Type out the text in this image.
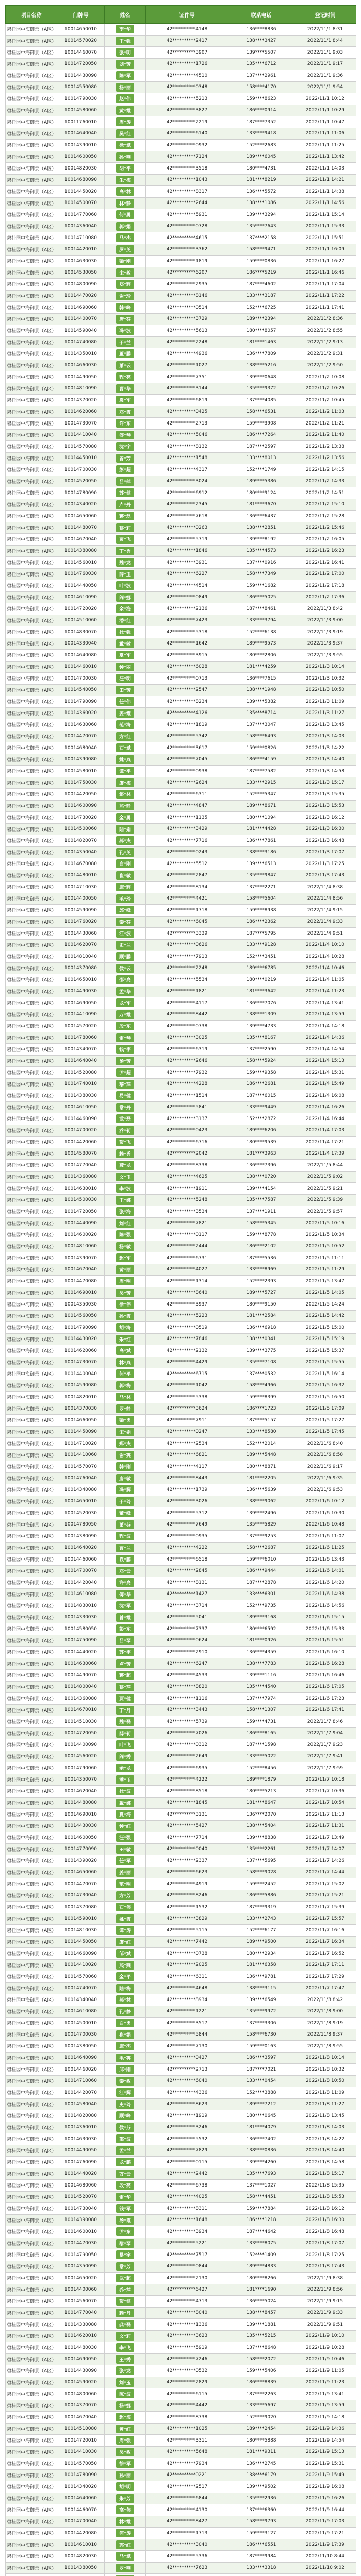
项目名称	门牌号	姓名	证件号	联系电话	登记时间
碧桂园中海御景（A区）	10014650010	李*华	42**********4148	136****8836	2022/11/1 8:31
碧桂园中海御景（A区）	10014570020	王*强	42**********2417	138****3427	2022/11/1 8:44
碧桂园中海御景（A区）	10014460070	张*明	42**********3907	139****5507	2022/11/1 9:03
碧桂园中海御景（A区）	10014720050	刘*芳	42**********1726	135****6712	2022/11/1 9:17
碧桂园中海御景（A区）	10014430090	陈*军	42**********4510	137****2961	2022/11/1 9:36
碧桂园中海御景（A区）	10014550080	杨*丽	42**********0348	158****4170	2022/11/1 9:54
碧桂园中海御景（A区）	10014790030	赵*伟	42**********5213	159****8623	2022/11/1 10:12
碧桂园中海御景（A区）	10014580060	黄*霞	42**********3827	186****0914	2022/11/1 10:29
碧桂园中海御景（A区）	10011760010	周*涛	42**********2219	187****7352	2022/11/1 10:47
碧桂园中海御景（A区）	10014640040	吴*红	42**********6140	133****9418	2022/11/1 11:06
碧桂园中海御景（A区）	10014390010	徐*斌	42**********0932	152****2683	2022/11/1 11:25
碧桂园中海御景（A区）	10014600050	孙*燕	42**********7124	189****6045	2022/11/1 13:42
碧桂园中海御景（A区）	10014820030	胡*平	42**********3518	180****4731	2022/11/1 14:03
碧桂园中海御景（A区）	10014680090	朱*梅	42**********1043	181****8219	2022/11/1 14:21
碧桂园中海御景（A区）	10014450020	高*林	42**********8317	136****5572	2022/11/1 14:38
碧桂园中海御景（A区）	10014500070	林*静	42**********2644	138****1086	2022/11/1 14:56
碧桂园中海御景（A区）	10014770060	何*勇	42**********5931	139****3294	2022/11/1 15:14
碧桂园中海御景（A区）	10014360040	郭*娟	42**********0728	135****7643	2022/11/1 15:33
碧桂园中海御景（A区）	10014710080	马*杰	42**********4615	137****2158	2022/11/1 15:51
碧桂园中海御景（A区）	10014420010	罗*英	42**********3362	158****9471	2022/11/1 16:09
碧桂园中海御景（A区）	10014630030	梁*刚	42**********1819	159****0836	2022/11/1 16:27
碧桂园中海御景（A区）	10014530050	宋*敏	42**********6207	186****5219	2022/11/1 16:46
碧桂园中海御景（A区）	10014800090	郑*辉	42**********2935	187****4602	2022/11/1 17:04
碧桂园中海御景（A区）	10014470020	谢*玲	42**********8146	133****3187	2022/11/1 17:22
碧桂园中海御景（A区）	10014690060	韩*峰	42**********0514	152****6725	2022/11/1 17:41
碧桂园中海御景（A区）	10014400070	唐*芬	42**********3729	189****2394	2022/11/2 8:36
碧桂园中海御景（A区）	10014590040	冯*波	42**********5613	180****8057	2022/11/2 8:55
碧桂园中海御景（A区）	10014740080	于*兰	42**********2248	181****1463	2022/11/2 9:13
碧桂园中海御景（A区）	10014350010	董*鹏	42**********4936	136****7809	2022/11/2 9:31
碧桂园中海御景（A区）	10014660030	萧*云	42**********1027	138****5216	2022/11/2 9:50
碧桂园中海御景（A区）	10014490050	程*亮	42**********7351	139****0648	2022/11/2 10:08
碧桂园中海御景（A区）	10014810090	曹*华	42**********3144	135****9372	2022/11/2 10:26
碧桂园中海御景（A区）	10014370020	袁*军	42**********6819	137****4085	2022/11/2 10:45
碧桂园中海御景（A区）	10014620060	邓*霞	42**********0425	158****6531	2022/11/2 11:03
碧桂园中海御景（A区）	10014730070	许*东	42**********2713	159****3908	2022/11/2 11:21
碧桂园中海御景（A区）	10014410040	傅*琴	42**********5046	186****7264	2022/11/2 11:40
碧桂园中海御景（A区）	10014570080	沈*宇	42**********8132	187****2597	2022/11/2 13:38
碧桂园中海御景（A区）	10014450010	曾*芳	42**********1548	133****8013	2022/11/2 13:56
碧桂园中海御景（A区）	10014700030	彭*超	42**********4317	152****1749	2022/11/2 14:15
碧桂园中海御景（A区）	10014520050	吕*萍	42**********3024	189****5386	2022/11/2 14:33
碧桂园中海御景（A区）	10014780090	苏*健	42**********6912	180****9124	2022/11/2 14:51
碧桂园中海御景（A区）	10014340020	卢*丹	42**********2345	181****3670	2022/11/2 15:10
碧桂园中海御景（A区）	10014650060	蒋*磊	42**********7618	136****6437	2022/11/2 15:28
碧桂园中海御景（A区）	10014480070	蔡*莉	42**********0263	138****2851	2022/11/2 15:46
碧桂园中海御景（A区）	10014670040	贾*飞	42**********5719	139****8192	2022/11/2 16:05
碧桂园中海御景（A区）	10014380080	丁*秀	42**********1846	135****4573	2022/11/2 16:23
碧桂园中海御景（A区）	10014560010	魏*龙	42**********3931	137****0916	2022/11/2 16:41
碧桂园中海御景（A区）	10014760030	薛*玉	42**********6227	158****7349	2022/11/2 17:00
碧桂园中海御景（A区）	10014440050	叶*波	42**********4514	159****1682	2022/11/2 17:18
碧桂园中海御景（A区）	10014610090	阎*娜	42**********0849	186****5025	2022/11/2 17:36
碧桂园中海御景（A区）	10014720020	余*海	42**********2136	187****8461	2022/11/3 8:42
碧桂园中海御景（A区）	10014510060	潘*红	42**********7423	133****3794	2022/11/3 9:00
碧桂园中海御景（A区）	10014830070	杜*强	42**********5318	152****6138	2022/11/3 9:19
碧桂园中海御景（A区）	10014330040	戴*敏	42**********1642	189****9573	2022/11/3 9:37
碧桂园中海御景（A区）	10014640080	夏*军	42**********3915	180****2806	2022/11/3 9:55
碧桂园中海御景（A区）	10014460010	钟*丽	42**********6028	181****4259	2022/11/3 10:14
碧桂园中海御景（A区）	10014700030	汪*明	42**********0713	136****7615	2022/11/3 10:32
碧桂园中海御景（A区）	10014540050	田*芳	42**********2547	138****1948	2022/11/3 10:50
碧桂园中海御景（A区）	10014790090	任*伟	42**********8234	139****5382	2022/11/3 11:09
碧桂园中海御景（A区）	10014360020	姜*霞	42**********4126	135****8714	2022/11/3 11:27
碧桂园中海御景（A区）	10014630060	范*涛	42**********1819	137****3047	2022/11/3 13:45
碧桂园中海御景（A区）	10014470070	方*红	42**********5342	158****6493	2022/11/3 14:03
碧桂园中海御景（A区）	10014680040	石*斌	42**********3617	159****0826	2022/11/3 14:22
碧桂园中海御景（A区）	10014390080	姚*燕	42**********7045	186****4159	2022/11/3 14:40
碧桂园中海御景（A区）	10014580010	谭*平	42**********0938	187****7582	2022/11/3 14:58
碧桂园中海御景（A区）	10014750030	廖*梅	42**********2624	133****2915	2022/11/3 15:17
碧桂园中海御景（A区）	10014420050	邹*林	42**********6311	152****5347	2022/11/3 15:35
碧桂园中海御景（A区）	10014600090	熊*静	42**********4847	189****8671	2022/11/3 15:53
碧桂园中海御景（A区）	10014730020	金*勇	42**********1135	180****1094	2022/11/3 16:12
碧桂园中海御景（A区）	10014500060	陆*娟	42**********3429	181****4428	2022/11/3 16:30
碧桂园中海御景（A区）	10014820070	郝*杰	42**********7716	136****7861	2022/11/3 16:48
碧桂园中海御景（A区）	10014350040	孔*英	42**********0243	138****3186	2022/11/3 17:07
碧桂园中海御景（A区）	10014670080	白*刚	42**********5512	139****6513	2022/11/3 17:25
碧桂园中海御景（A区）	10014480010	崔*敏	42**********2847	135****9847	2022/11/3 17:43
碧桂园中海御景（A区）	10014710030	康*辉	42**********8134	137****2271	2022/11/4 8:38
碧桂园中海御景（A区）	10014400050	毛*玲	42**********4421	158****5604	2022/11/4 8:56
碧桂园中海御景（A区）	10014590090	邱*峰	42**********1718	159****8938	2022/11/4 9:15
碧桂园中海御景（A区）	10014760020	秦*芬	42**********6045	186****2362	2022/11/4 9:33
碧桂园中海御景（A区）	10014430060	江*波	42**********3339	187****5795	2022/11/4 9:51
碧桂园中海御景（A区）	10014620070	史*兰	42**********0626	133****9128	2022/11/4 10:10
碧桂园中海御景（A区）	10014810040	顾*鹏	42**********7913	152****3451	2022/11/4 10:28
碧桂园中海御景（A区）	10014370080	侯*云	42**********2248	189****6785	2022/11/4 10:46
碧桂园中海御景（A区）	10014650010	邵*亮	42**********5534	180****0219	2022/11/4 11:05
碧桂园中海御景（A区）	10014490030	孟*华	42**********1821	181****3642	2022/11/4 11:23
碧桂园中海御景（A区）	10014690050	龙*军	42**********4117	136****7076	2022/11/4 13:41
碧桂园中海御景（A区）	10014410090	万*霞	42**********8442	138****1309	2022/11/4 13:59
碧桂园中海御景（A区）	10014570020	段*东	42**********0738	139****4733	2022/11/4 14:18
碧桂园中海御景（A区）	10014780060	雷*琴	42**********3025	135****8167	2022/11/4 14:36
碧桂园中海御景（A区）	10014340070	钱*宇	42**********6319	137****2590	2022/11/4 14:54
碧桂园中海御景（A区）	10014640040	汤*芳	42**********2646	158****5924	2022/11/4 15:13
碧桂园中海御景（A区）	10014520080	尹*超	42**********7932	159****9358	2022/11/4 15:31
碧桂园中海御景（A区）	10014740010	黎*萍	42**********4228	186****2681	2022/11/4 15:49
碧桂园中海御景（A区）	10014380030	易*健	42**********1514	187****6015	2022/11/4 16:08
碧桂园中海御景（A区）	10014610050	常*丹	42**********5841	133****9449	2022/11/4 16:26
碧桂园中海御景（A区）	10014460090	武*磊	42**********3137	152****2872	2022/11/4 16:44
碧桂园中海御景（A区）	10014700020	乔*莉	42**********0423	189****6206	2022/11/4 17:03
碧桂园中海御景（A区）	10014420060	贺*飞	42**********6716	180****9539	2022/11/4 17:21
碧桂园中海御景（A区）	10014580070	赖*秀	42**********2042	181****3963	2022/11/4 17:39
碧桂园中海御景（A区）	10014770040	龚*龙	42**********8338	136****7396	2022/11/5 8:44
碧桂园中海御景（A区）	10014360080	文*玉	42**********4625	138****0720	2022/11/5 9:02
碧桂园中海御景（A区）	10014630010	李*波	42**********1911	139****4154	2022/11/5 9:21
碧桂园中海御景（A区）	10014500030	王*娜	42**********5248	135****7587	2022/11/5 9:39
碧桂园中海御景（A区）	10014720050	张*海	42**********3534	137****1911	2022/11/5 9:57
碧桂园中海御景（A区）	10014440090	刘*红	42**********7821	158****5345	2022/11/5 10:16
碧桂园中海御景（A区）	10014600020	陈*强	42**********0117	159****8778	2022/11/5 10:34
碧桂园中海御景（A区）	10014810060	杨*敏	42**********2444	186****2102	2022/11/5 10:52
碧桂园中海御景（A区）	10014390070	赵*军	42**********6731	187****5536	2022/11/5 11:11
碧桂园中海御景（A区）	10014670040	黄*丽	42**********4027	133****8969	2022/11/5 11:29
碧桂园中海御景（A区）	10014470080	周*明	42**********1314	152****2393	2022/11/5 13:47
碧桂园中海御景（A区）	10014690010	吴*芳	42**********8640	189****5727	2022/11/5 14:05
碧桂园中海御景（A区）	10014350030	徐*伟	42**********3937	180****9150	2022/11/5 14:24
碧桂园中海御景（A区）	10014560050	孙*霞	42**********5223	181****2584	2022/11/5 14:42
碧桂园中海御景（A区）	10014790090	胡*涛	42**********0519	136****6918	2022/11/5 15:00
碧桂园中海御景（A区）	10014430020	朱*红	42**********7846	138****0341	2022/11/5 15:19
碧桂园中海御景（A区）	10014620060	高*斌	42**********2132	139****3775	2022/11/5 15:37
碧桂园中海御景（A区）	10014730070	林*燕	42**********4429	135****7108	2022/11/5 15:55
碧桂园中海御景（A区）	10014400040	何*平	42**********6715	137****0532	2022/11/5 16:14
碧桂园中海御景（A区）	10014590080	郭*梅	42**********1042	158****4966	2022/11/5 16:32
碧桂园中海御景（A区）	10014820010	马*林	42**********5338	159****8399	2022/11/5 16:50
碧桂园中海御景（A区）	10014370030	罗*静	42**********3624	186****1723	2022/11/5 17:09
碧桂园中海御景（A区）	10014660050	梁*勇	42**********7911	187****5157	2022/11/5 17:27
碧桂园中海御景（A区）	10014450090	宋*娟	42**********0247	133****8580	2022/11/5 17:45
碧桂园中海御景（A区）	10014710020	郑*杰	42**********2534	152****2014	2022/11/6 8:40
碧桂园中海御景（A区）	10014410060	谢*英	42**********6821	189****5448	2022/11/6 8:58
碧桂园中海御景（A区）	10014570070	韩*刚	42**********4117	180****8871	2022/11/6 9:17
碧桂园中海御景（A区）	10014760040	唐*敏	42**********8443	181****2205	2022/11/6 9:35
碧桂园中海御景（A区）	10014340080	冯*辉	42**********1739	136****5639	2022/11/6 9:53
碧桂园中海御景（A区）	10014650010	于*玲	42**********3026	138****9062	2022/11/6 10:12
碧桂园中海御景（A区）	10014520030	董*峰	42**********5312	139****2496	2022/11/6 10:30
碧桂园中海御景（A区）	10014780050	萧*芬	42**********7649	135****5829	2022/11/6 10:48
碧桂园中海御景（A区）	10014380090	程*波	42**********0935	137****9253	2022/11/6 11:07
碧桂园中海御景（A区）	10014640020	曹*兰	42**********4222	158****2687	2022/11/6 11:25
碧桂园中海御景（A区）	10014460060	袁*鹏	42**********6518	159****6010	2022/11/6 13:43
碧桂园中海御景（A区）	10014700070	邓*云	42**********2845	186****9444	2022/11/6 14:01
碧桂园中海御景（A区）	10014420040	许*亮	42**********8131	187****2878	2022/11/6 14:20
碧桂园中海御景（A区）	10014610080	傅*华	42**********1427	133****6301	2022/11/6 14:38
碧桂园中海御景（A区）	10014830010	沈*军	42**********3714	152****9735	2022/11/6 14:56
碧桂园中海御景（A区）	10014330030	曾*霞	42**********5041	189****3168	2022/11/6 15:15
碧桂园中海御景（A区）	10014580050	彭*东	42**********7337	180****6592	2022/11/6 15:33
碧桂园中海御景（A区）	10014750090	吕*琴	42**********0624	181****0926	2022/11/6 15:51
碧桂园中海御景（A区）	10014440020	苏*宇	42**********2910	136****4359	2022/11/6 16:10
碧桂园中海御景（A区）	10014630060	卢*芳	42**********6247	138****7783	2022/11/6 16:28
碧桂园中海御景（A区）	10014490070	蒋*超	42**********4533	139****1116	2022/11/6 16:46
碧桂园中海御景（A区）	10014800040	蔡*萍	42**********8820	135****4540	2022/11/6 17:05
碧桂园中海御景（A区）	10014360080	贾*健	42**********1116	137****7974	2022/11/6 17:23
碧桂园中海御景（A区）	10014670010	丁*丹	42**********3443	158****1307	2022/11/6 17:41
碧桂园中海御景（A区）	10014510030	魏*磊	42**********5739	159****4731	2022/11/7 8:46
碧桂园中海御景（A区）	10014720050	薛*莉	42**********7026	186****8165	2022/11/7 9:04
碧桂园中海御景（A区）	10014400090	叶*飞	42**********0312	187****1598	2022/11/7 9:23
碧桂园中海御景（A区）	10014560020	阎*秀	42**********2649	133****5022	2022/11/7 9:41
碧桂园中海御景（A区）	10014790060	余*龙	42**********6935	152****8456	2022/11/7 9:59
碧桂园中海御景（A区）	10014350070	潘*玉	42**********4222	189****1879	2022/11/7 10:18
碧桂园中海御景（A区）	10014620040	杜*波	42**********8518	180****5213	2022/11/7 10:36
碧桂园中海御景（A区）	10014480080	戴*娜	42**********1845	181****8647	2022/11/7 10:54
碧桂园中海御景（A区）	10014690010	夏*海	42**********3131	136****2070	2022/11/7 11:13
碧桂园中海御景（A区）	10014430030	钟*红	42**********5427	138****5404	2022/11/7 11:31
碧桂园中海御景（A区）	10014600050	汪*强	42**********7714	139****8838	2022/11/7 13:49
碧桂园中海御景（A区）	10014770090	田*敏	42**********0040	135****2261	2022/11/7 14:07
碧桂园中海御景（A区）	10014390020	任*军	42**********2337	137****5695	2022/11/7 14:26
碧桂园中海御景（A区）	10014650060	姜*丽	42**********6623	158****9028	2022/11/7 14:44
碧桂园中海御景（A区）	10014470070	范*明	42**********4919	159****2452	2022/11/7 15:02
碧桂园中海御景（A区）	10014730040	方*芳	42**********8246	186****5886	2022/11/7 15:21
碧桂园中海御景（A区）	10014370080	石*伟	42**********1532	187****9319	2022/11/7 15:39
碧桂园中海御景（A区）	10014590010	姚*霞	42**********3829	133****2743	2022/11/7 15:57
碧桂园中海御景（A区）	10014810030	谭*涛	42**********5115	152****6177	2022/11/7 16:16
碧桂园中海御景（A区）	10014450050	廖*红	42**********7442	189****9500	2022/11/7 16:34
碧桂园中海御景（A区）	10014660090	邹*斌	42**********0738	180****2934	2022/11/7 16:52
碧桂园中海御景（A区）	10014410020	熊*燕	42**********2025	181****6358	2022/11/7 17:11
碧桂园中海御景（A区）	10014570060	金*平	42**********6311	136****9781	2022/11/7 17:29
碧桂园中海御景（A区）	10014740070	陆*梅	42**********4648	138****3115	2022/11/7 17:47
碧桂园中海御景（A区）	10014340040	郝*林	42**********8934	139****6549	2022/11/8 8:42
碧桂园中海御景（A区）	10014610080	孔*静	42**********1221	135****9972	2022/11/8 9:00
碧桂园中海御景（A区）	10014500010	白*勇	42**********3517	137****3306	2022/11/8 9:19
碧桂园中海御景（A区）	10014700030	崔*娟	42**********5844	158****6730	2022/11/8 9:37
碧桂园中海御景（A区）	10014380050	康*杰	42**********7130	159****0163	2022/11/8 9:55
碧桂园中海御景（A区）	10014640090	毛*英	42**********0427	186****3597	2022/11/8 10:14
碧桂园中海御景（A区）	10014460020	邱*刚	42**********2713	187****7021	2022/11/8 10:32
碧桂园中海御景（A区）	10014710060	秦*敏	42**********6040	133****0454	2022/11/8 10:50
碧桂园中海御景（A区）	10014420070	江*辉	42**********4336	152****3888	2022/11/8 11:09
碧桂园中海御景（A区）	10014580040	史*玲	42**********8623	189****7212	2022/11/8 11:27
碧桂园中海御景（A区）	10014820080	顾*峰	42**********1919	180****0645	2022/11/8 13:45
碧桂园中海御景（A区）	10014360010	侯*芬	42**********3246	181****4079	2022/11/8 14:03
碧桂园中海御景（A区）	10014630030	邵*波	42**********5532	136****7402	2022/11/8 14:22
碧桂园中海御景（A区）	10014490050	孟*兰	42**********7829	138****0836	2022/11/8 14:40
碧桂园中海御景（A区）	10014760090	龙*鹏	42**********0115	139****4260	2022/11/8 14:58
碧桂园中海御景（A区）	10014440020	万*云	42**********2442	135****7693	2022/11/8 15:17
碧桂园中海御景（A区）	10014680060	段*亮	42**********6738	137****1027	2022/11/8 15:35
碧桂园中海御景（A区）	10014520070	雷*华	42**********4025	158****4451	2022/11/8 15:53
碧桂园中海御景（A区）	10014730040	钱*军	42**********8311	159****7884	2022/11/8 16:12
碧桂园中海御景（A区）	10014390080	汤*霞	42**********1648	186****1218	2022/11/8 16:30
碧桂园中海御景（A区）	10014600010	尹*东	42**********3934	187****4642	2022/11/8 16:48
碧桂园中海御景（A区）	10014470030	黎*琴	42**********5221	133****8075	2022/11/8 17:07
碧桂园中海御景（A区）	10014790050	易*宇	42**********7517	152****1409	2022/11/8 17:25
碧桂园中海御景（A区）	10014350090	常*芳	42**********0844	189****4833	2022/11/8 17:43
碧桂园中海御景（A区）	10014650020	武*超	42**********2130	180****8266	2022/11/9 8:38
碧桂园中海御景（A区）	10014400060	乔*萍	42**********6427	181****1690	2022/11/9 8:56
碧桂园中海御景（A区）	10014560070	贺*健	42**********4713	136****5024	2022/11/9 9:15
碧桂园中海御景（A区）	10014770040	赖*丹	42**********8040	138****8457	2022/11/9 9:33
碧桂园中海御景（A区）	10014330080	龚*磊	42**********1336	139****1881	2022/11/9 9:51
碧桂园中海御景（A区）	10014620010	文*莉	42**********3623	135****5215	2022/11/9 10:10
碧桂园中海御景（A区）	10014480030	李*飞	42**********5919	137****8648	2022/11/9 10:28
碧桂园中海御景（A区）	10014690050	王*秀	42**********7246	158****2072	2022/11/9 10:46
碧桂园中海御景（A区）	10014430090	张*龙	42**********0532	159****5406	2022/11/9 11:05
碧桂园中海御景（A区）	10014590020	刘*玉	42**********2829	186****8839	2022/11/9 11:23
碧桂园中海御景（A区）	10014800060	陈*波	42**********6115	187****2263	2022/11/9 13:41
碧桂园中海御景（A区）	10014370070	杨*娜	42**********4442	133****5697	2022/11/9 13:59
碧桂园中海御景（A区）	10014670040	赵*海	42**********8738	152****9020	2022/11/9 14:18
碧桂园中海御景（A区）	10014510080	黄*红	42**********1025	189****2454	2022/11/9 14:36
碧桂园中海御景（A区）	10014720010	周*强	42**********3311	180****5888	2022/11/9 14:54
碧桂园中海御景（A区）	10014410030	吴*敏	42**********5648	181****9311	2022/11/9 15:13
碧桂园中海御景（A区）	10014570050	徐*军	42**********7934	136****2745	2022/11/9 15:31
碧桂园中海御景（A区）	10014780090	孙*丽	42**********0221	138****6179	2022/11/9 15:49
碧桂园中海御景（A区）	10014340020	胡*明	42**********2517	139****9502	2022/11/9 16:08
碧桂园中海御景（A区）	10014640060	朱*芳	42**********6844	135****2936	2022/11/9 16:26
碧桂园中海御景（A区）	10014460070	高*伟	42**********4130	137****6360	2022/11/9 16:44
碧桂园中海御景（A区）	10014700040	林*霞	42**********8427	158****9793	2022/11/9 17:03
碧桂园中海御景（A区）	10014420080	何*涛	42**********1713	159****3127	2022/11/9 17:21
碧桂园中海御景（A区）	10014610010	郭*红	42**********3040	186****6551	2022/11/9 17:39
碧桂园中海御景（A区）	10014820030	马*斌	42**********5336	187****9984	2022/11/10 8:44
碧桂园中海御景（A区）	10014380050	罗*燕	42**********7623	133****3318	2022/11/10 9:02
